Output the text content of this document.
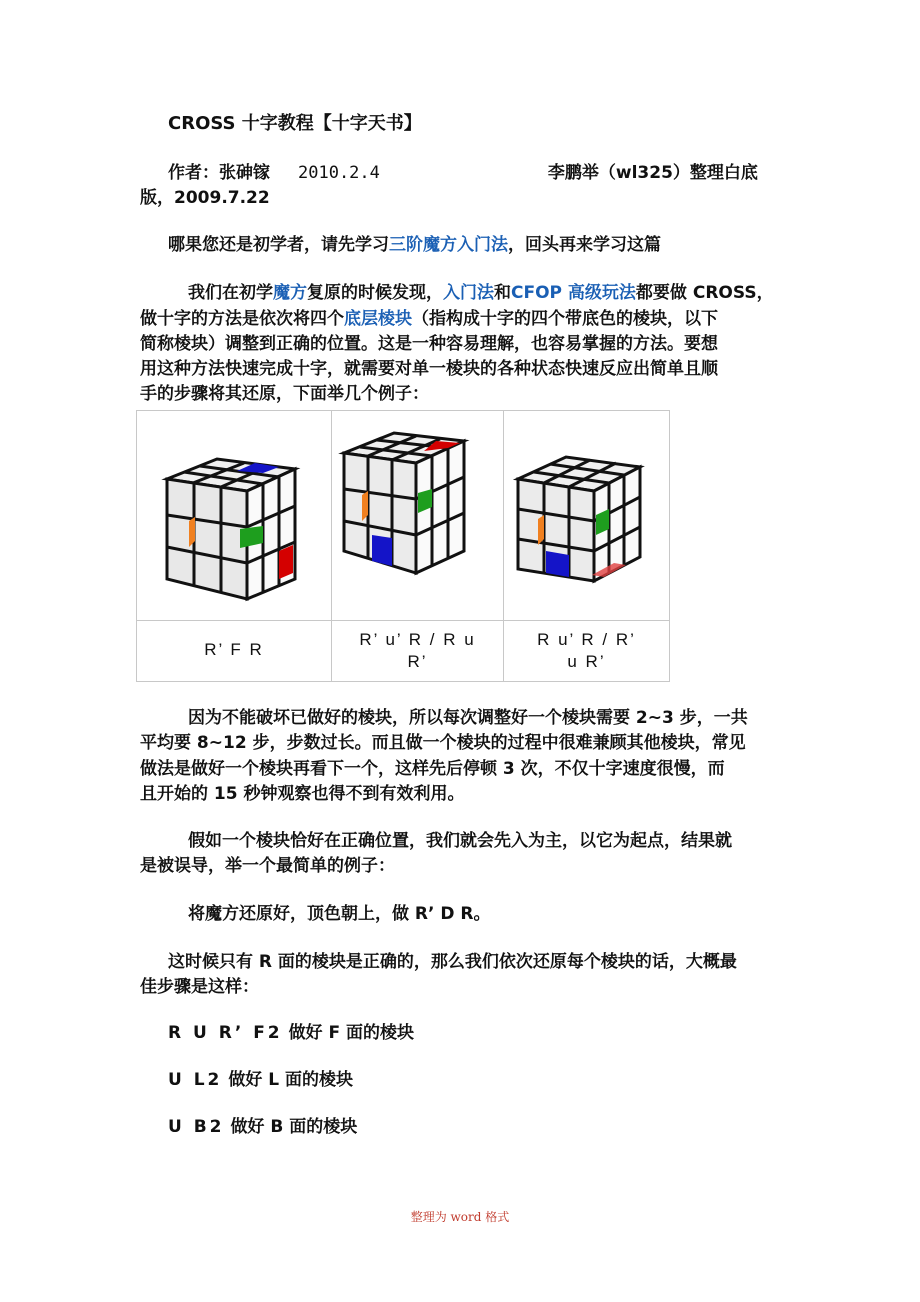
CROSS 十字教程【十字天书】
作者：张砷镓 2010.2.4	李鹏举（wl325）整理白底
版，2009.7.22
哪果您还是初学者，请先学习三阶魔方入门法，回头再来学习这篇
我们在初学魔方复原的时候发现，入门法和CFOP 高级玩法都要做 CROSS，
做十字的方法是依次将四个底层棱块（指构成十字的四个带底色的棱块，以下
简称棱块）调整到正确的位置。这是一种容易理解，也容易掌握的方法。要想
用这种方法快速完成十字，就需要对单一棱块的各种状态快速反应出简单且顺
手的步骤将其还原，下面举几个例子：
R’ F R
R’ u’ R / R u
R’
R u’ R / R’
u R’
因为不能破坏已做好的棱块，所以每次调整好一个棱块需要 2~3 步，一共
平均要 8~12 步，步数过长。而且做一个棱块的过程中很难兼顾其他棱块，常见
做法是做好一个棱块再看下一个，这样先后停顿 3 次，不仅十字速度很慢，而
且开始的 15 秒钟观察也得不到有效利用。
假如一个棱块恰好在正确位置，我们就会先入为主，以它为起点，结果就
是被误导，举一个最简单的例子：
将魔方还原好，顶色朝上，做 R’ D R。
这时候只有 R 面的棱块是正确的，那么我们依次还原每个棱块的话，大概最
佳步骤是这样：
R U R’ F2 做好 F 面的棱块
U L2 做好 L 面的棱块
U B2 做好 B 面的棱块
整理为 word 格式
